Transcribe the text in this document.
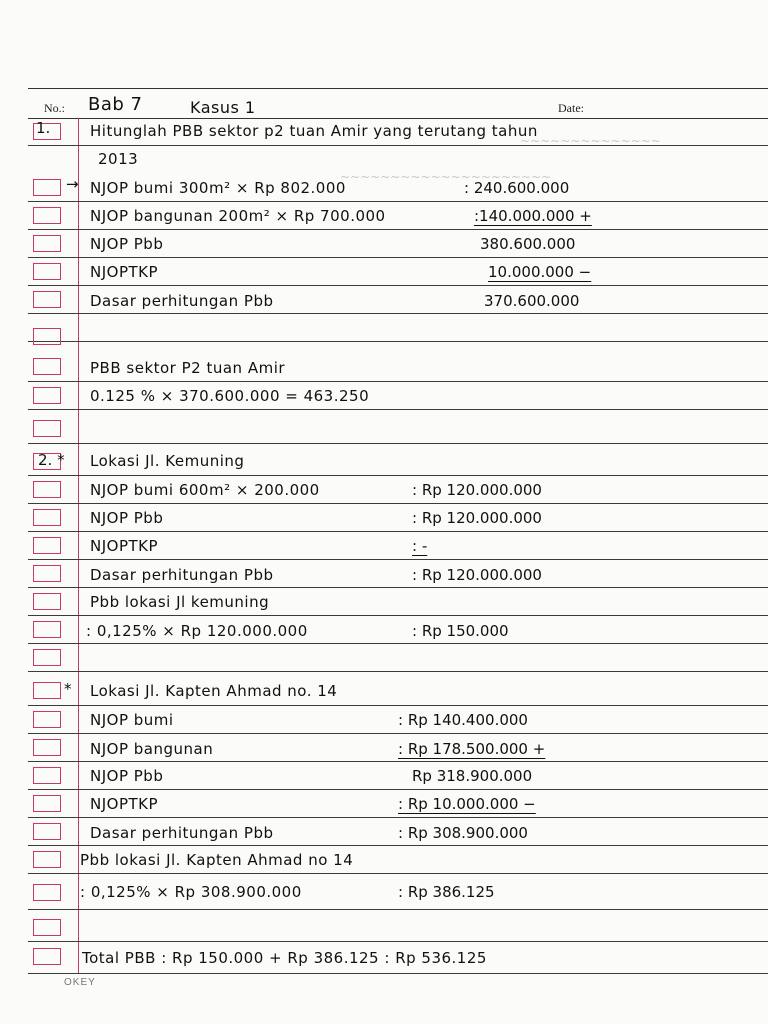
No.: Bab 7	Kasus 1	Date:
~~~~~~~~~~~~~~
~~~~~~~~~~~~~~~~~~~~~
1.	Hitunglah PBB sektor p2 tuan Amir yang terutang tahun
2013
→ NJOP bumi 300m² × Rp 802.000	: 240.600.000
NJOP bangunan 200m² × Rp 700.000	:140.000.000 +
NJOP Pbb	380.600.000
NJOPTKP	10.000.000 −
Dasar perhitungan Pbb	370.600.000
PBB sektor P2 tuan Amir
0.125 % × 370.600.000 = 463.250
2. * Lokasi Jl. Kemuning
NJOP bumi 600m² × 200.000	: Rp 120.000.000
NJOP Pbb	: Rp 120.000.000
NJOPTKP	: -
Dasar perhitungan Pbb	: Rp 120.000.000
Pbb lokasi Jl kemuning
: 0,125% × Rp 120.000.000	: Rp 150.000
* Lokasi Jl. Kapten Ahmad no. 14
NJOP bumi	: Rp 140.400.000
NJOP bangunan	: Rp 178.500.000 +
NJOP Pbb	Rp 318.900.000
NJOPTKP	: Rp 10.000.000 −
Dasar perhitungan Pbb	: Rp 308.900.000
Pbb lokasi Jl. Kapten Ahmad no 14
: 0,125% × Rp 308.900.000	: Rp 386.125
Total PBB : Rp 150.000 + Rp 386.125 : Rp 536.125
OKEY
